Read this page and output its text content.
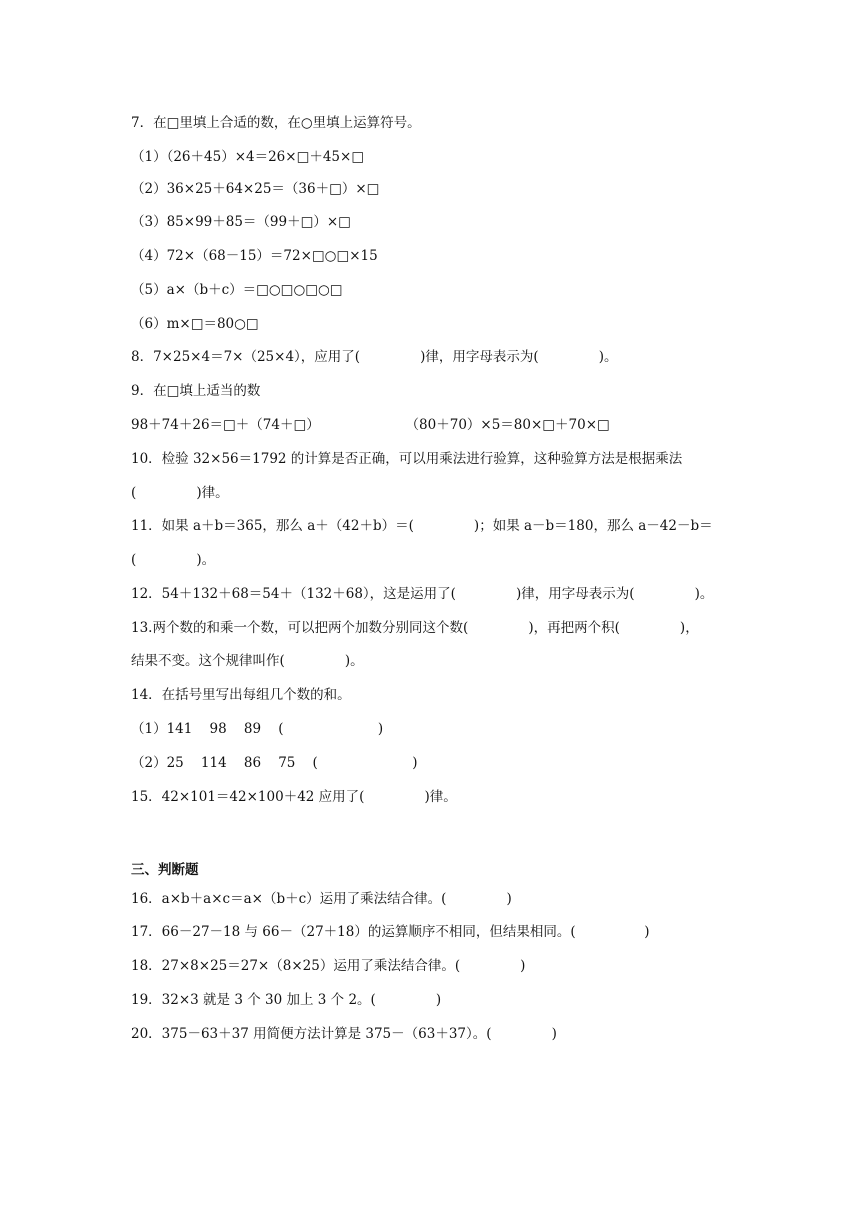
7．在□里填上合适的数，在○里填上运算符号。
（1）（26＋45）×4＝26×□＋45×□
（2）36×25＋64×25＝（36＋□）×□
（3）85×99＋85＝（99＋□）×□
（4）72×（68－15）＝72×□○□×15
（5）a×（b＋c）＝□○□○□○□
（6）m×□＝80○□
8．7×25×4＝7×（25×4），应用了(              )律，用字母表示为(              )。
9．在□填上适当的数
98＋74＋26＝□＋（74＋□）                    （80＋70）×5＝80×□＋70×□
10．检验 32×56＝1792 的计算是否正确，可以用乘法进行验算，这种验算方法是根据乘法
(              )律。
11．如果 a＋b＝365，那么 a＋（42＋b）＝(              )；如果 a－b＝180，那么 a－42－b＝
(              )。
12．54＋132＋68＝54＋（132＋68），这是运用了(              )律，用字母表示为(              )。
13.两个数的和乘一个数，可以把两个加数分别同这个数(              )，再把两个积(              )，
结果不变。这个规律叫作(              )。
14．在括号里写出每组几个数的和。
（1）141    98    89    (                      )
（2）25    114    86    75    (                      )
15．42×101＝42×100＋42 应用了(              )律。
三、判断题
16．a×b＋a×c＝a×（b＋c）运用了乘法结合律。(              )
17．66－27－18 与 66－（27＋18）的运算顺序不相同，但结果相同。(                )
18．27×8×25＝27×（8×25）运用了乘法结合律。(              )
19．32×3 就是 3 个 30 加上 3 个 2。(              )
20．375－63＋37 用简便方法计算是 375－（63＋37）。(              )
